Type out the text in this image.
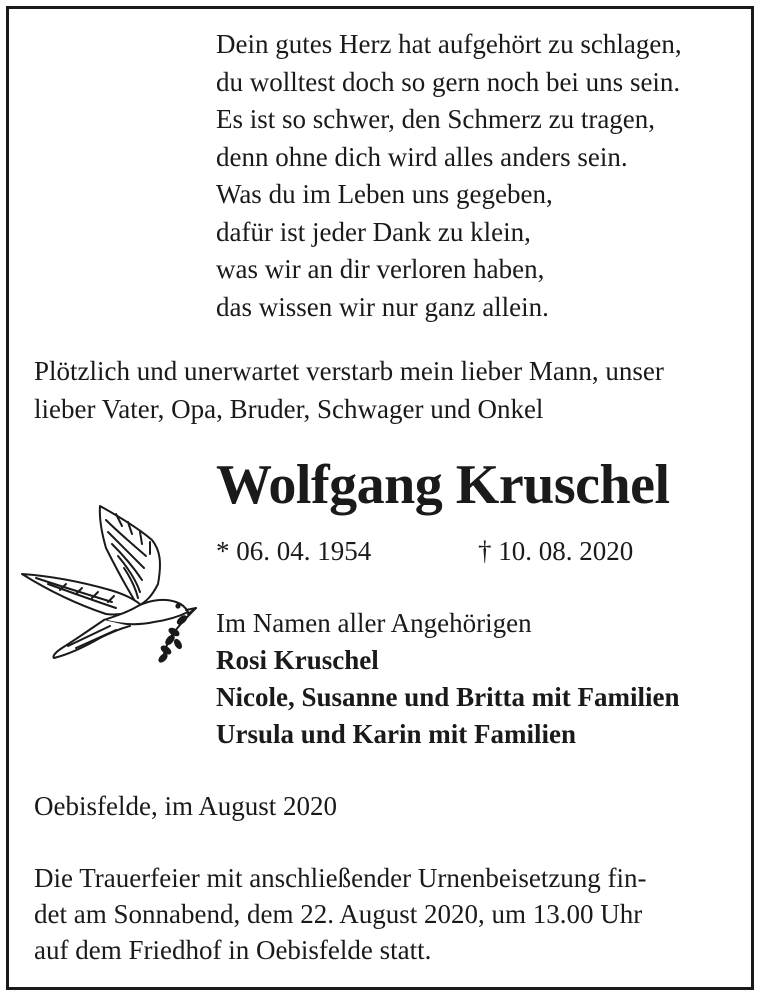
Dein gutes Herz hat aufgehört zu schlagen,
du wolltest doch so gern noch bei uns sein.
Es ist so schwer, den Schmerz zu tragen,
denn ohne dich wird alles anders sein.
Was du im Leben uns gegeben,
dafür ist jeder Dank zu klein,
was wir an dir verloren haben,
das wissen wir nur ganz allein.
Plötzlich und unerwartet verstarb mein lieber Mann, unser
lieber Vater, Opa, Bruder, Schwager und Onkel
Wolfgang Kruschel
* 06. 04. 1954	† 10. 08. 2020
Im Namen aller Angehörigen
Rosi Kruschel
Nicole, Susanne und Britta mit Familien
Ursula und Karin mit Familien
Oebisfelde, im August 2020
Die Trauerfeier mit anschließender Urnenbeisetzung fin-
det am Sonnabend, dem 22. August 2020, um 13.00 Uhr
auf dem Friedhof in Oebisfelde statt.
